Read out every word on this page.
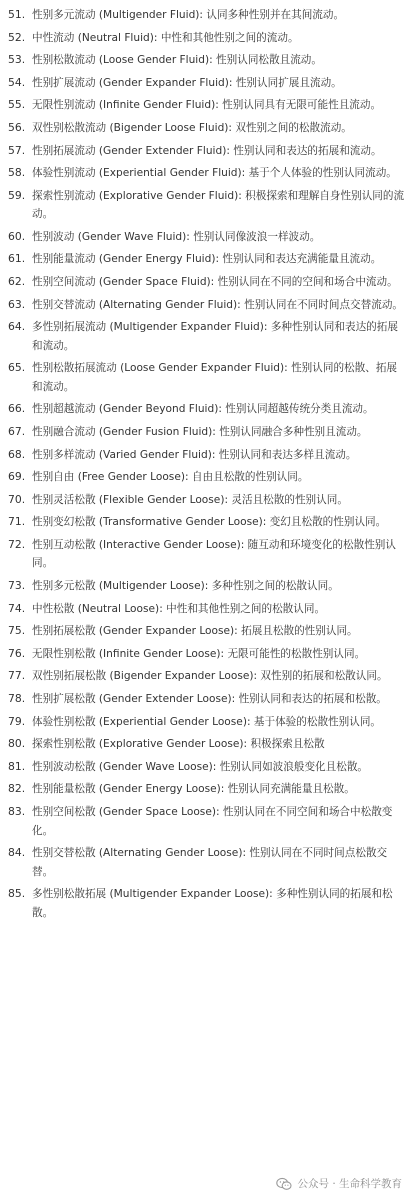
51. 性别多元流动 (Multigender Fluid): 认同多种性别并在其间流动。
52. 中性流动 (Neutral Fluid): 中性和其他性别之间的流动。
53. 性别松散流动 (Loose Gender Fluid): 性别认同松散且流动。
54. 性别扩展流动 (Gender Expander Fluid): 性别认同扩展且流动。
55. 无限性别流动 (Infinite Gender Fluid): 性别认同具有无限可能性且流动。
56. 双性别松散流动 (Bigender Loose Fluid): 双性别之间的松散流动。
57. 性别拓展流动 (Gender Extender Fluid): 性别认同和表达的拓展和流动。
58. 体验性别流动 (Experiential Gender Fluid): 基于个人体验的性别认同流动。
59. 探索性别流动 (Explorative Gender Fluid): 积极探索和理解自身性别认同的流动。
60. 性别波动 (Gender Wave Fluid): 性别认同像波浪一样波动。
61. 性别能量流动 (Gender Energy Fluid): 性别认同和表达充满能量且流动。
62. 性别空间流动 (Gender Space Fluid): 性别认同在不同的空间和场合中流动。
63. 性别交替流动 (Alternating Gender Fluid): 性别认同在不同时间点交替流动。
64. 多性别拓展流动 (Multigender Expander Fluid): 多种性别认同和表达的拓展和流动。
65. 性别松散拓展流动 (Loose Gender Expander Fluid): 性别认同的松散、拓展和流动。
66. 性别超越流动 (Gender Beyond Fluid): 性别认同超越传统分类且流动。
67. 性别融合流动 (Gender Fusion Fluid): 性别认同融合多种性别且流动。
68. 性别多样流动 (Varied Gender Fluid): 性别认同和表达多样且流动。
69. 性别自由 (Free Gender Loose): 自由且松散的性别认同。
70. 性别灵活松散 (Flexible Gender Loose): 灵活且松散的性别认同。
71. 性别变幻松散 (Transformative Gender Loose): 变幻且松散的性别认同。
72. 性别互动松散 (Interactive Gender Loose): 随互动和环境变化的松散性别认同。
73. 性别多元松散 (Multigender Loose): 多种性别之间的松散认同。
74. 中性松散 (Neutral Loose): 中性和其他性别之间的松散认同。
75. 性别拓展松散 (Gender Expander Loose): 拓展且松散的性别认同。
76. 无限性别松散 (Infinite Gender Loose): 无限可能性的松散性别认同。
77. 双性别拓展松散 (Bigender Expander Loose): 双性别的拓展和松散认同。
78. 性别扩展松散 (Gender Extender Loose): 性别认同和表达的拓展和松散。
79. 体验性别松散 (Experiential Gender Loose): 基于体验的松散性别认同。
80. 探索性别松散 (Explorative Gender Loose): 积极探索且松散
81. 性别波动松散 (Gender Wave Loose): 性别认同如波浪般变化且松散。
82. 性别能量松散 (Gender Energy Loose): 性别认同充满能量且松散。
83. 性别空间松散 (Gender Space Loose): 性别认同在不同空间和场合中松散变化。
84. 性别交替松散 (Alternating Gender Loose): 性别认同在不同时间点松散交替。
85. 多性别松散拓展 (Multigender Expander Loose): 多种性别认同的拓展和松散。
公众号 · 生命科学教育
